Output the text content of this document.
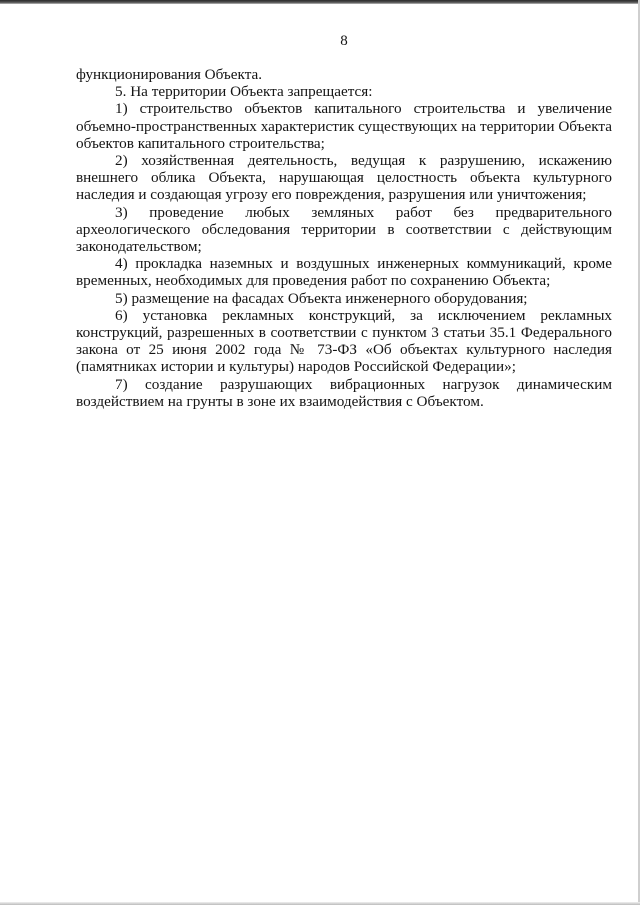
8

функционирования Объекта.

5. На территории Объекта запрещается:

1) строительство объектов капитального строительства и увеличение объемно-пространственных характеристик существующих на территории Объекта объектов капитального строительства;

2) хозяйственная деятельность, ведущая к разрушению, искажению внешнего облика Объекта, нарушающая целостность объекта культурного наследия и создающая угрозу его повреждения, разрушения или уничтожения;

3) проведение любых земляных работ без предварительного археологического обследования территории в соответствии с действующим законодательством;

4) прокладка наземных и воздушных инженерных коммуникаций, кроме временных, необходимых для проведения работ по сохранению Объекта;

5) размещение на фасадах Объекта инженерного оборудования;

6) установка рекламных конструкций, за исключением рекламных конструкций, разрешенных в соответствии с пунктом 3 статьи 35.1 Федерального закона от 25 июня 2002 года № 73-ФЗ «Об объектах культурного наследия (памятниках истории и культуры) народов Российской Федерации»;

7) создание разрушающих вибрационных нагрузок динамическим воздействием на грунты в зоне их взаимодействия с Объектом.
